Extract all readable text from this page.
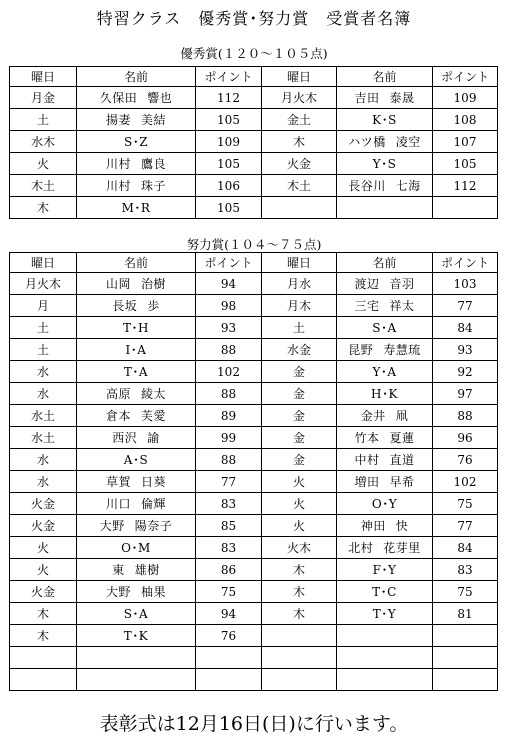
特習クラス　優秀賞･努力賞　受賞者名簿
優秀賞(１２０～１０５点)
曜日	名前	ポイント	曜日	名前	ポイント
月金	久保田 響也	112	月火木	吉田 泰晟	109
土	揚妻 美結	105	金土	K･S	108
水木	S･Z	109	木	ハツ橋 凌空	107
火	川村 鷹良	105	火金	Y･S	105
木土	川村 珠子	106	木土	長谷川 七海	112
木	M･R	105			
努力賞(１０４～７５点)
曜日	名前	ポイント	曜日	名前	ポイント
月火木	山岡 治樹	94	月水	渡辺 音羽	103
月	長坂 歩	98	月木	三宅 祥太	77
土	T･H	93	土	S･A	84
土	I･A	88	水金	昆野 寿慧琉	93
水	T･A	102	金	Y･A	92
水	高原 綾太	88	金	H･K	97
水土	倉本 芙愛	89	金	金井 凧	88
水土	西沢 諭	99	金	竹本 夏蓮	96
水	A･S	88	金	中村 直道	76
水	草賀 日葵	77	火	増田 早希	102
火金	川口 倫輝	83	火	O･Y	75
火金	大野 陽奈子	85	火	神田 快	77
火	O･M	83	火木	北村 花芽里	84
火	東 雄樹	86	木	F･Y	83
火金	大野 柚果	75	木	T･C	75
木	S･A	94	木	T･Y	81
木	T･K	76			

表彰式は12月16日(日)に行います。
